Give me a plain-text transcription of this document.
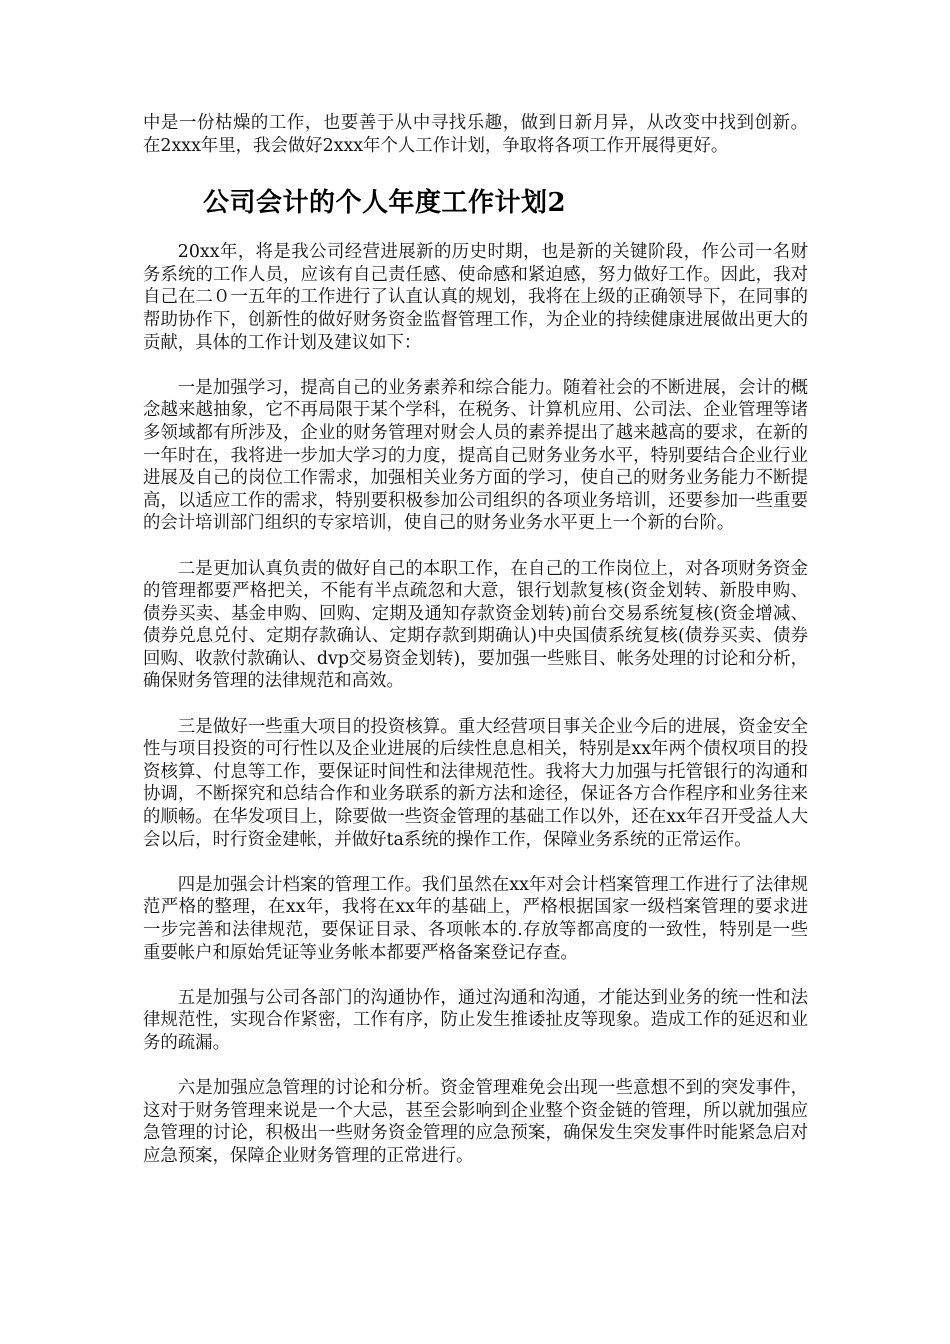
中是一份枯燥的工作，也要善于从中寻找乐趣，做到日新月异，从改变中找到创新。 在2xxx年里，我会做好2xxx年个人工作计划，争取将各项工作开展得更好。

公司会计的个人年度工作计划2

20xx年，将是我公司经营进展新的历史时期，也是新的关键阶段，作公司一名财务系统的工作人员，应该有自己责任感、使命感和紧迫感，努力做好工作。因此，我对自己在二０一五年的工作进行了认直认真的规划，我将在上级的正确领导下，在同事的帮助协作下，创新性的做好财务资金监督管理工作，为企业的持续健康进展做出更大的贡献，具体的工作计划及建议如下：

一是加强学习，提高自己的业务素养和综合能力。随着社会的不断进展，会计的概念越来越抽象，它不再局限于某个学科，在税务、计算机应用、公司法、企业管理等诸多领域都有所涉及，企业的财务管理对财会人员的素养提出了越来越高的要求，在新的一年时在，我将进一步加大学习的力度，提高自己财务业务水平，特别要结合企业行业进展及自己的岗位工作需求，加强相关业务方面的学习，使自己的财务业务能力不断提高，以适应工作的需求，特别要积极参加公司组织的各项业务培训，还要参加一些重要的会计培训部门组织的专家培训，使自己的财务业务水平更上一个新的台阶。

二是更加认真负责的做好自己的本职工作，在自己的工作岗位上，对各项财务资金的管理都要严格把关，不能有半点疏忽和大意，银行划款复核(资金划转、新股申购、债券买卖、基金申购、回购、定期及通知存款资金划转)前台交易系统复核(资金增减、债券兑息兑付、定期存款确认、定期存款到期确认)中央国债系统复核(债券买卖、债券回购、收款付款确认、dvp交易资金划转)，要加强一些账目、帐务处理的讨论和分析，确保财务管理的法律规范和高效。

三是做好一些重大项目的投资核算。重大经营项目事关企业今后的进展，资金安全性与项目投资的可行性以及企业进展的后续性息息相关，特别是xx年两个债权项目的投资核算、付息等工作，要保证时间性和法律规范性。我将大力加强与托管银行的沟通和协调，不断探究和总结合作和业务联系的新方法和途径，保证各方合作程序和业务往来的顺畅。在华发项目上，除要做一些资金管理的基础工作以外，还在xx年召开受益人大会以后，时行资金建帐，并做好ta系统的操作工作，保障业务系统的正常运作。

四是加强会计档案的管理工作。我们虽然在xx年对会计档案管理工作进行了法律规范严格的整理，在xx年，我将在xx年的基础上，严格根据国家一级档案管理的要求进一步完善和法律规范，要保证目录、各项帐本的.存放等都高度的一致性，特别是一些重要帐户和原始凭证等业务帐本都要严格备案登记存查。

五是加强与公司各部门的沟通协作，通过沟通和沟通，才能达到业务的统一性和法律规范性，实现合作紧密，工作有序，防止发生推诿扯皮等现象。造成工作的延迟和业务的疏漏。

六是加强应急管理的讨论和分析。资金管理难免会出现一些意想不到的突发事件，这对于财务管理来说是一个大忌，甚至会影响到企业整个资金链的管理，所以就加强应急管理的讨论，积极出一些财务资金管理的应急预案，确保发生突发事件时能紧急启对应急预案，保障企业财务管理的正常进行。
